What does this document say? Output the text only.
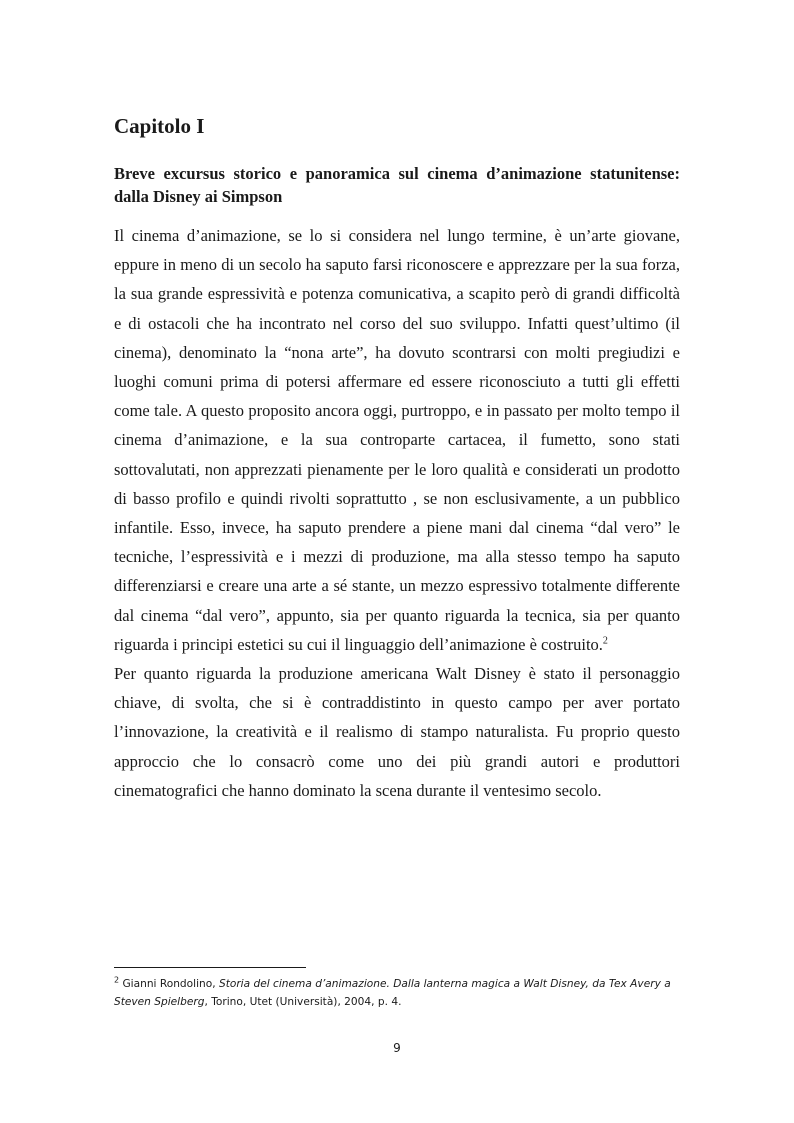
Capitolo I
Breve excursus storico e panoramica sul cinema d’animazione statunitense: dalla Disney ai Simpson

Il cinema d’animazione, se lo si considera nel lungo termine, è un’arte giovane, eppure in meno di un secolo ha saputo farsi riconoscere e apprezzare per la sua forza, la sua grande espressività e potenza comunicativa, a scapito però di grandi difficoltà e di ostacoli che ha incontrato nel corso del suo sviluppo. Infatti quest’ultimo (il cinema), denominato la “nona arte”, ha dovuto scontrarsi con molti pregiudizi e luoghi comuni prima di potersi affermare ed essere riconosciuto a tutti gli effetti come tale. A questo proposito ancora oggi, purtroppo, e in passato per molto tempo il cinema d’animazione, e la sua controparte cartacea, il fumetto, sono stati sottovalutati, non apprezzati pienamente per le loro qualità e considerati un prodotto di basso profilo e quindi rivolti soprattutto , se non esclusivamente, a un pubblico infantile. Esso, invece, ha saputo prendere a piene mani dal cinema “dal vero” le tecniche, l’espressività e i mezzi di produzione, ma alla stesso tempo ha saputo differenziarsi e creare una arte a sé stante, un mezzo espressivo totalmente differente dal cinema “dal vero”, appunto, sia per quanto riguarda la tecnica, sia per quanto riguarda i principi estetici su cui il linguaggio dell’animazione è costruito.$^2$

Per quanto riguarda la produzione americana Walt Disney è stato il personaggio chiave, di svolta, che si è contraddistinto in questo campo per aver portato l’innovazione, la creatività e il realismo di stampo naturalista. Fu proprio questo approccio che lo consacrò come uno dei più grandi autori e produttori cinematografici che hanno dominato la scena durante il ventesimo secolo.

$^2$ Gianni Rondolino, Storia del cinema d’animazione. Dalla lanterna magica a Walt Disney, da Tex Avery a Steven Spielberg, Torino, Utet (Università), 2004, p. 4.

9
